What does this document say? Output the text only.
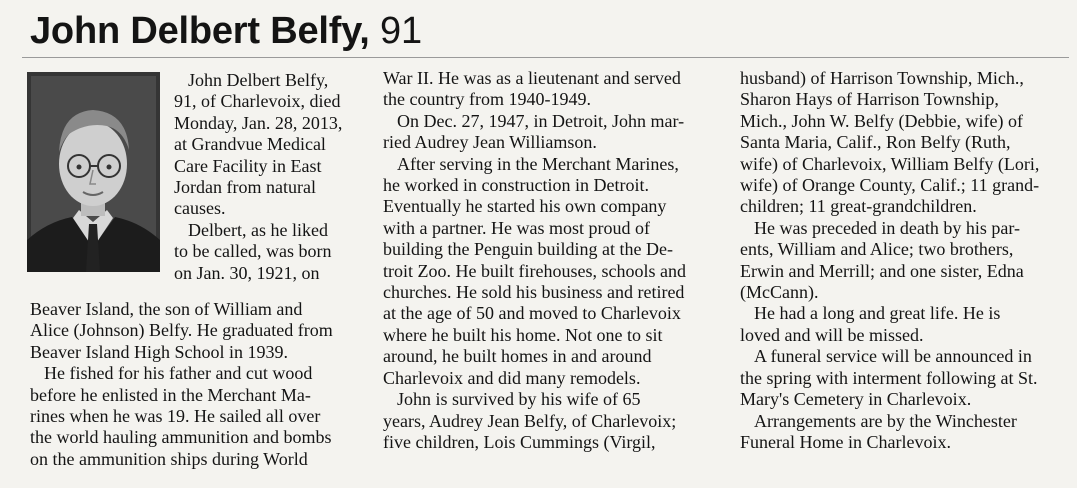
John Delbert Belfy, 91

John Delbert Belfy,
91, of Charlevoix, died
Monday, Jan. 28, 2013,
at Grandvue Medical
Care Facility in East
Jordan from natural
causes.
Delbert, as he liked
to be called, was born
on Jan. 30, 1921, on

Beaver Island, the son of William and
Alice (Johnson) Belfy. He graduated from
Beaver Island High School in 1939.
He fished for his father and cut wood
before he enlisted in the Merchant Ma-
rines when he was 19. He sailed all over
the world hauling ammunition and bombs
on the ammunition ships during World

War II. He was as a lieutenant and served
the country from 1940-1949.
On Dec. 27, 1947, in Detroit, John mar-
ried Audrey Jean Williamson.
After serving in the Merchant Marines,
he worked in construction in Detroit.
Eventually he started his own company
with a partner. He was most proud of
building the Penguin building at the De-
troit Zoo. He built firehouses, schools and
churches. He sold his business and retired
at the age of 50 and moved to Charlevoix
where he built his home. Not one to sit
around, he built homes in and around
Charlevoix and did many remodels.
John is survived by his wife of 65
years, Audrey Jean Belfy, of Charlevoix;
five children, Lois Cummings (Virgil,

husband) of Harrison Township, Mich.,
Sharon Hays of Harrison Township,
Mich., John W. Belfy (Debbie, wife) of
Santa Maria, Calif., Ron Belfy (Ruth,
wife) of Charlevoix, William Belfy (Lori,
wife) of Orange County, Calif.; 11 grand-
children; 11 great-grandchildren.
He was preceded in death by his par-
ents, William and Alice; two brothers,
Erwin and Merrill; and one sister, Edna
(McCann).
He had a long and great life. He is
loved and will be missed.
A funeral service will be announced in
the spring with interment following at St.
Mary's Cemetery in Charlevoix.
Arrangements are by the Winchester
Funeral Home in Charlevoix.
